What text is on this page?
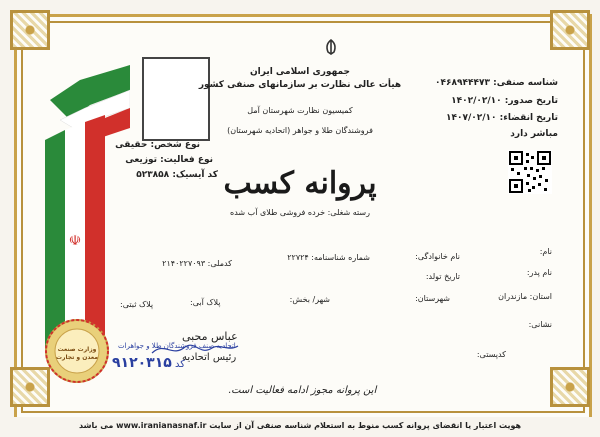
☫
جمهوری اسلامی ایران
هیأت عالی نظارت بر سازمانهای صنفی کشور
کمیسیون نظارت شهرستان آمل
فروشندگان طلا و جواهر (اتحادیه شهرستان)
شناسه صنفی: ۰۴۶۸۹۴۴۴۷۳
تاریخ صدور: ۱۴۰۲/۰۲/۱۰
تاریخ انقضاء: ۱۴۰۷/۰۲/۱۰
مباشر دارد
نوع شخص: حقیقی
نوع فعالیت: توزیعی
کد آیسیک: ۵۲۳۸۵۸	پروانه کسب
رسته شغلی: خرده فروشی طلای آب شده
نام:
نام خانوادگی:
شماره شناسنامه: ۲۲۷۲۴
کدملی: ۲۱۴۰۲۲۷۰۹۳
نام پدر:
تاریخ تولد:
استان: مازندران
شهرستان:
شهر/ بخش:
نشانی:
کدپستی:
پلاک ثبتی:	پلاک آبی:
عباس محبی
اتحادیه صنف فروشندگان طلا و جواهرات
کد ۹۱۲۰۳۱۵	رئیس اتحادیه
وزارت صنعت معدن و تجارت
این پروانه مجوز ادامه فعالیت است.
هویت اعتبار یا انقضای پروانه کسب منوط به استعلام شناسه صنفی آن از سایت www.iranianasnaf.ir می باشد
